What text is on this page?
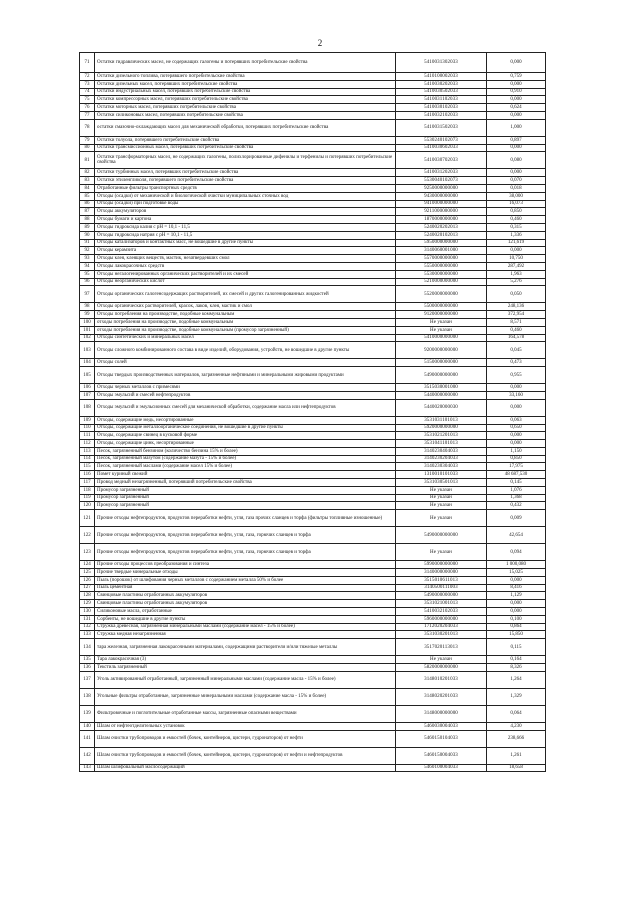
2
71	Остатки гидравлических масел, не содержащих галогены и потерявших потребительские свойства	5410031302033	0,000
72	Остатки дизельного топлива, потерявшего потребительские свойства	5410100002033	0,759
73	Остатки дизельных масел, потерявших потребительские свойства	5410030202033	0,000
74	Остатки индустриальных масел, потерявших потребительские свойства	5410030502033	0,910
75	Остатки компрессорных масел, потерявших потребительские свойства	5410031102033	0,000
76	Остатки моторных масел, потерявших потребительские свойства	5410030102033	0,624
77	Остатки силиконовых масел, потерявших потребительские свойства	5410032102033	0,000
78	остатки смазочно-охлаждающих масел для механической обработки, потерявших потребительские свойства	5410031502033	1,000
79	Остатки толуола, потерявшего потребительские свойства	5530240102073	0,897
80	Остатки трансмиссионных масел, потерявших потребительские свойства	5410030602033	0,000
81	Остатки трансформаторных масел, не содержащих галогены, полихлорированные дифенилы и терфенилы и потерявших потребительские свойства	5410030702033	0,080
82	Остатки турбинных масел, потерявших потребительские свойства	5410031202033	0,000
83	Остатки этиленгликоля, потерявшего потребительские свойства	5530040102073	0,070
84	Отработанные фильтры транспортных средств	9250000000000	0,018
85	Отходы (осадки) от механической и биологической очистки муниципальных сточных вод	9430000000000	38,000
86	Отходы (осадки) при подготовке воды	9410000000000	16,073
87	Отходы аккумуляторов	9211000000000	0,850
88	Отходы бумаги и картона	1870000000000	0,460
89	Отходы гидроксида калия с pH = 10,1 - 11,5	5240020202013	0,315
90	Отходы гидроксида натрия с pH = 10,1 - 11,5	5240020102013	1,336
91	Отходы катализаторов и контактных масс, не вошедшие в другие пункты	5950000000000	121,619
92	Отходы керамзита	3140060001000	0,000
93	Отходы клея, клеящих веществ, мастик, незатвердевших смол	5570000000000	10,750
94	Отходы лакокрасочных средств	5550000000000	287,492
95	Отходы негалогенированных органических растворителей и их смесей	5530000000000	1,963
96	Отходы неорганических кислот	5210000000000	5,276
97	Отходы органических галогенсодержащих растворителей, их смесей и других галогенированных жидкостей	5520000000000	0,050
98	Отходы органических растворителей, красок, лаков, клея, мастик и смол	5500000000000	248,136
99	Отходы потребления на производстве, подобные коммунальным	9120000000000	372,954
100	отходы потребления на производстве, подобные коммунальным	Не указан	8,571
101	отходы потребления на производстве, подобные коммунальным (промусор загрязненный)	Не указан	0,460
102	Отходы синтетических и минеральных масел	5410000000000	164,578
103	Отходы сложного комбинированного состава в виде изделий, оборудования, устройств, не вошедшие в другие пункты	9200000000000	0,045
104	Отходы солей	5150000000000	0,473
105	Отходы твердых производственных материалов, загрязненные нефтяными и минеральными жировыми продуктами	5490000000000	0,955
106	Отходы черных металлов с примесями	3515030001000	0,000
107	Отходы эмульсий и смесей нефтепродуктов	5440000000000	33,160
108	Отходы эмульсий и эмульсионных смесей для механической обработки, содержание масла или нефтепродуктов	5440020000030	0,000
109	Отходы, содержащие медь, несортированные	3531031101013	0,063
110	Отходы, содержащие металлоорганические соединения, не вошедшие в другие пункты	5920000000000	0,650
111	Отходы, содержащие свинец в кусковой форме	3531021201013	0,000
112	Отходы, содержащие цинк, несортированные	3531041101013	0,000
113	Песок, загрязненный бензином (количество бензина 15% и более)	3140230404033	1,150
114	Песок, загрязненный мазутом (содержание мазута - 15% и более)	3140230204033	0,850
115	Песок, загрязненный маслами (содержание масел 15% и более)	3140230304033	17,975
116	Помет куриный свежий	1310010101033	48 687,530
117	Провод медный незагрязненный, потерявший потребительские свойства	3531030501013	0,145
118	Промусор загрязненный	Не указан	1,076
119	Промусор загрязненный	Не указан	1,368
120	Промусор загрязненный	Не указан	0,432
121	Прочие отходы нефтепродуктов, продуктов переработки нефти, угля, газа прочих сланцев и торфа (фильтры топливные изношенные)	Не указан	0,009
122	Прочие отходы нефтепродуктов, продуктов переработки нефти, угля, газа, горючих сланцев и торфа	5490000000000	42,654
123	Прочие отходы нефтепродуктов, продуктов переработки нефти, угля, газа, горючих сланцев и торфа	Не указан	0,094
124	Прочие отходы процессов преобразования и синтеза	5990000000000	1 000,080
125	Прочие твердые минеральные отходы	3140000000000	15,025
126	Пыль (порошок) от шлифования черных металлов с содержанием металла 50% и более	3515010611013	0,000
127	Пыль цементная	3140500111003	8,416
128	Свинцовые пластины отработанных аккумуляторов	5490000000000	1,129
129	Свинцовые пластины отработанных аккумуляторов	3531021001013	0,000
130	Силиконовые масла, отработанные	5410032102033	0,000
131	Сорбенты, не вошедшие в другие пункты	5960000000000	0,100
132	Стружка древесная, загрязненная минеральными маслами (содержание масел - 15% и более)	1712020204033	0,864
133	Стружка медная незагрязненная	3531030201013	15,850
134	тара железная, загрязненная лакокрасочными материалами, содержащими растворители и/или тяжелые металлы	3517020113013	0,115
135	Тара лакокрасочная (3)	Не указан	0,164
136	Текстиль загрязненный	5820000000000	8,326
137	Уголь активированный отработанный, загрязненный минеральными маслами (содержание масла - 15% и более)	3148010201033	1,264
138	Угольные фильтры отработанные, загрязненные минеральными маслами (содержание масла - 15% и более)	3148020201033	1,329
139	Фильтровочные и поглотительные отработанные массы, загрязненные опасными веществами	3148000000000	0,064
140	Шлам от нефтеотделительных установок	5460030004033	4,230
141	Шлам очистки трубопроводов и емкостей (бочек, контейнеров, цистерн, гудронаторов) от нефти	5460150104033	238,666
142	Шлам очистки трубопроводов и емкостей (бочек, контейнеров, цистерн, гудронаторов) от нефти и нефтепродуктов	5460150004033	1,261
143	Шлам шлифовальный маслосодержащий	5460100004033	18,658
